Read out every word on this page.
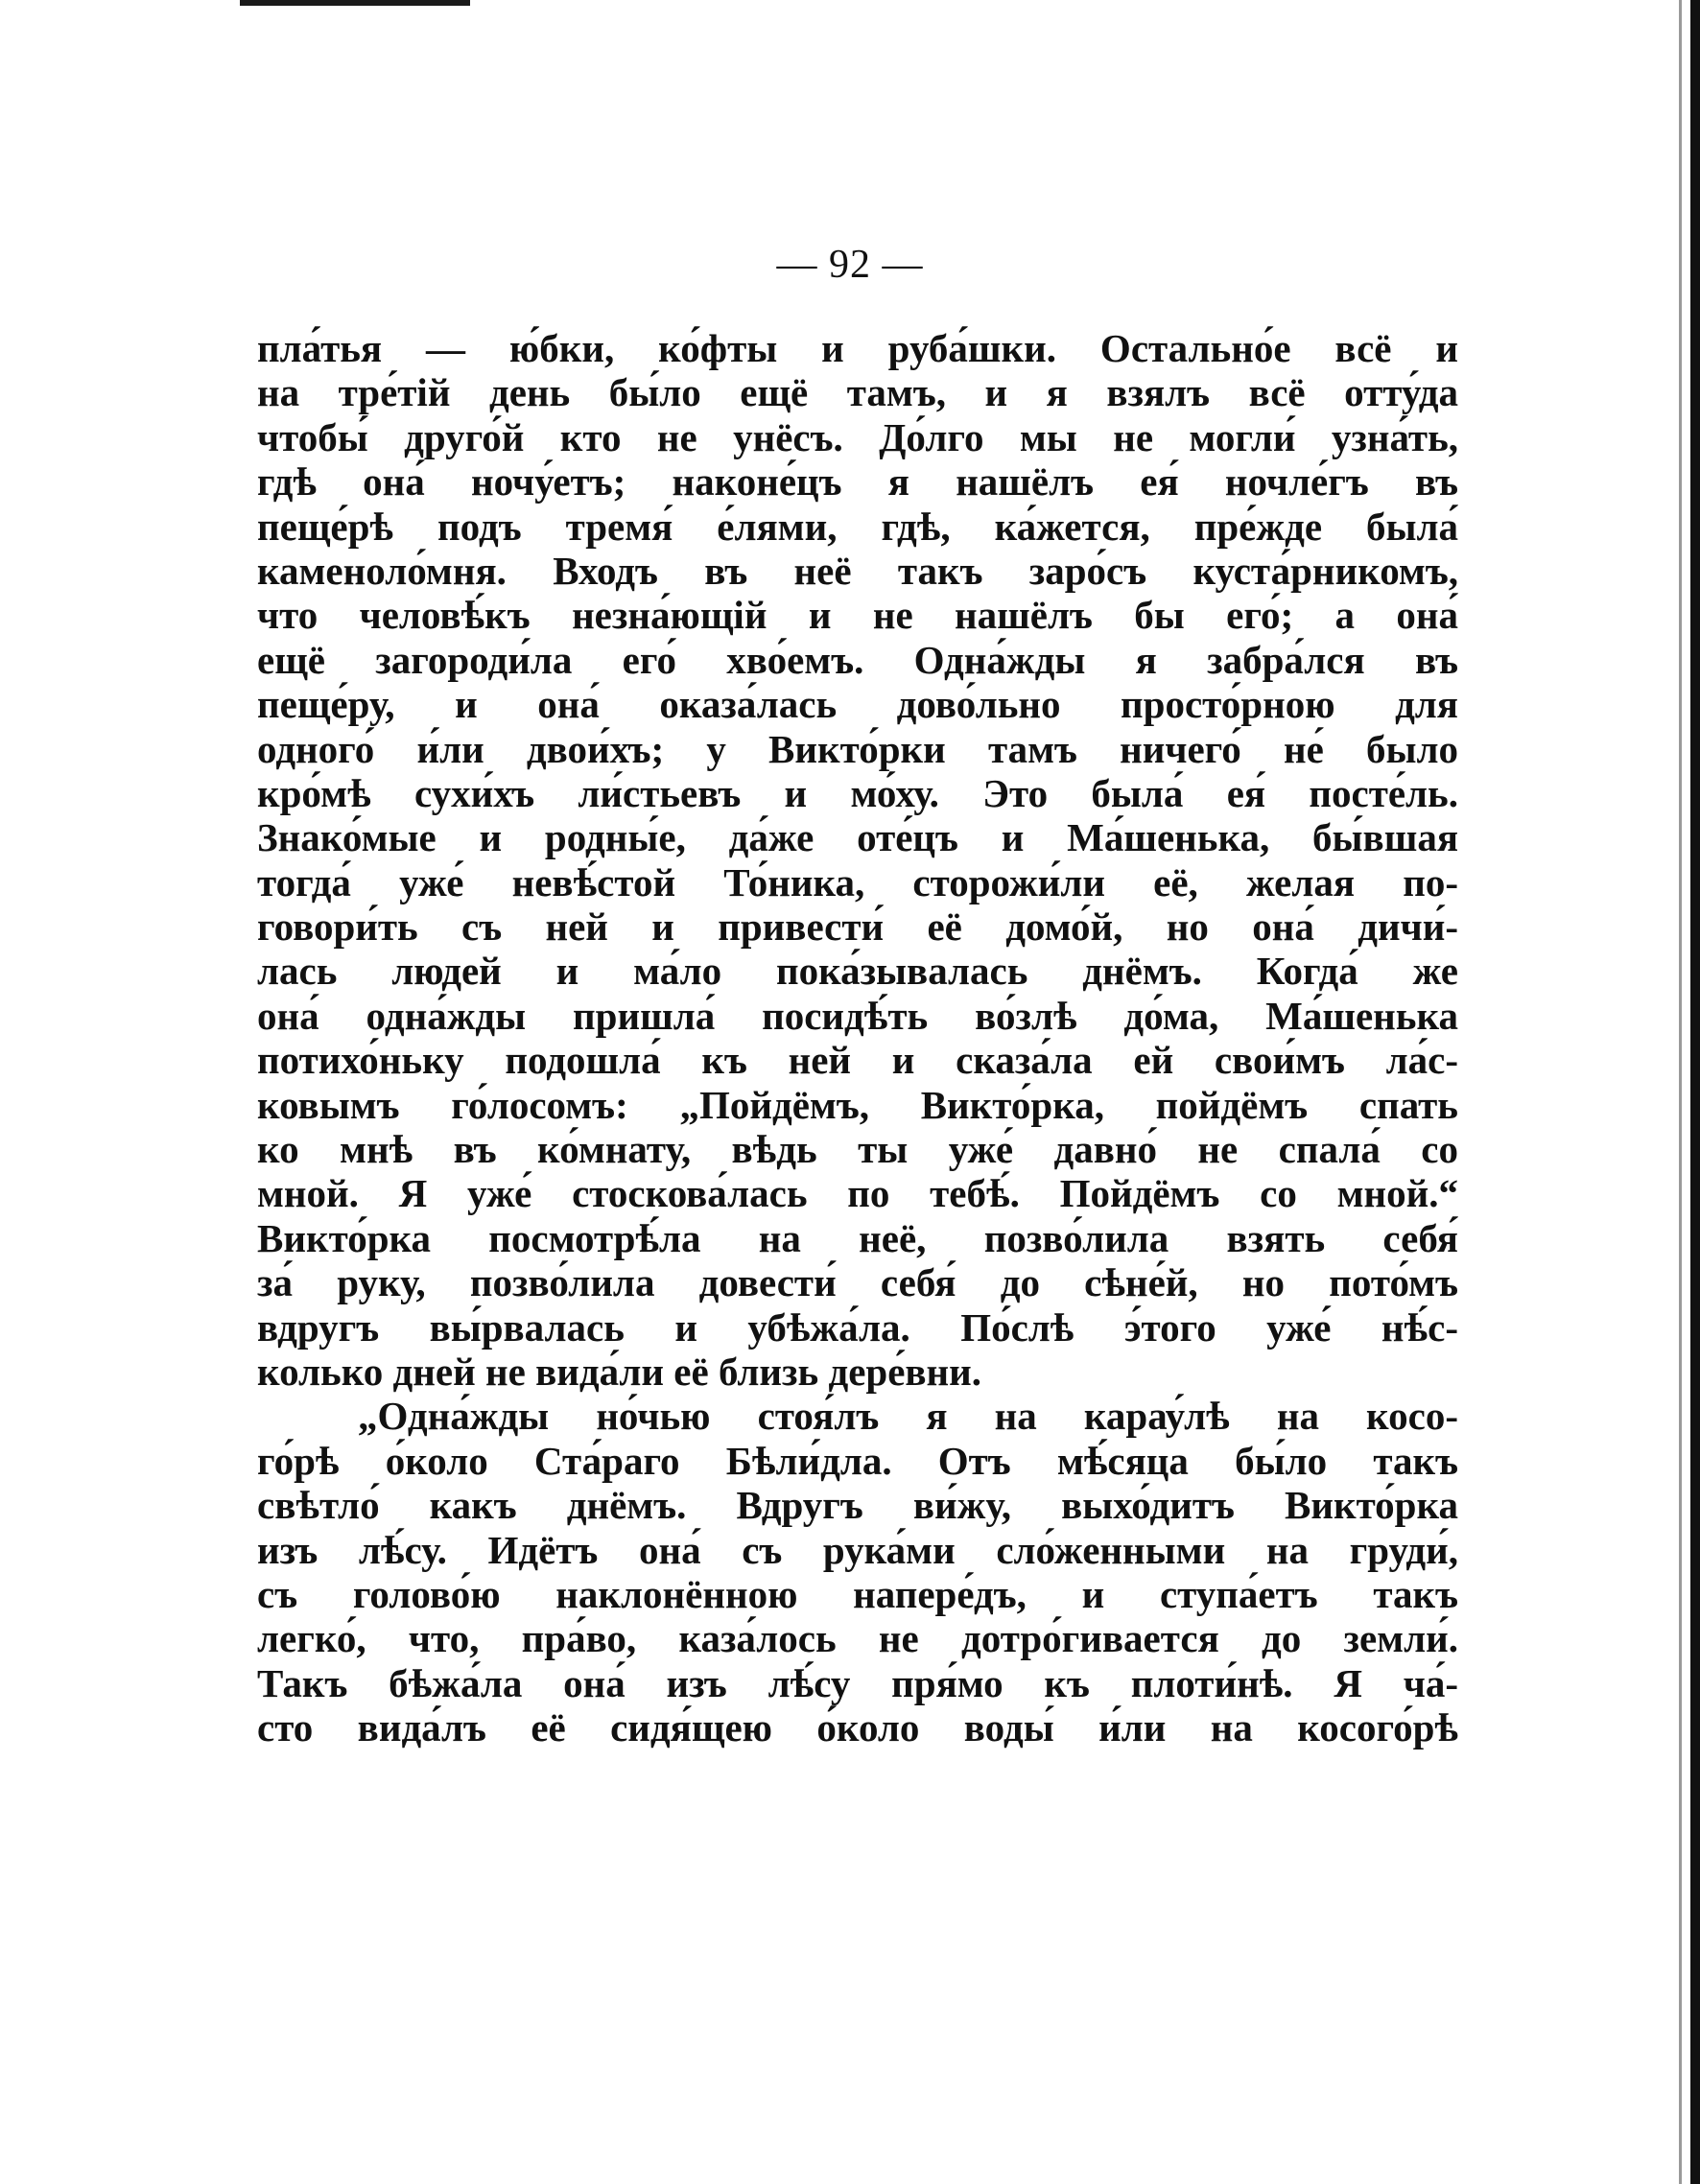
— 92 —
пла́тья — ю́бки, ко́фты и руба́шки. Остально́е всё и
на тре́тій день бы́ло ещё тамъ, и я взялъ всё отту́да
чтобы́ друго́й кто не унёсъ. До́лго мы не могли́ узна́ть,
гдѣ она́ ночу́етъ; наконе́цъ я нашёлъ ея́ ночле́гъ въ
пеще́рѣ подъ тремя́ е́лями, гдѣ, ка́жется, пре́жде была́
каменоло́мня. Входъ въ неё такъ заро́съ куста́рникомъ,
что человѣ́къ незна́ющій и не нашёлъ бы его́; а она́
ещё загороди́ла его́ хво́емъ. Одна́жды я забра́лся въ
пеще́ру, и она́ оказа́лась дово́льно просто́рною для
одного́ и́ли двои́хъ; у Викто́рки тамъ ничего́ не́ было
кро́мѣ сухи́хъ ли́стьевъ и мо́ху. Это была́ ея́ посте́ль.
Знако́мые и родны́е, да́же оте́цъ и Ма́шенька, бы́вшая
тогда́ уже́ невѣ́стой То́ника, сторожи́ли её, желая по-
говори́ть съ ней и привести́ её домо́й, но она́ дичи́-
лась людей и ма́ло пока́зывалась днёмъ. Когда́ же
она́ одна́жды пришла́ посидѣ́ть во́злѣ до́ма, Ма́шенька
потихо́ньку подошла́ къ ней и сказа́ла ей свои́мъ ла́с-
ковымъ го́лосомъ: „Пойдёмъ, Викто́рка, пойдёмъ спать
ко мнѣ въ ко́мнату, вѣдь ты уже́ давно́ не спала́ со
мной. Я уже́ стоскова́лась по тебѣ́. Пойдёмъ со мной.“
Викто́рка посмотрѣ́ла на неё, позво́лила взять себя́
за́ руку, позво́лила довести́ себя́ до сѣне́й, но пото́мъ
вдругъ вы́рвалась и убѣжа́ла. По́слѣ э́того уже́ нѣ́с-
колько дней не вида́ли её близь дере́вни.
„Одна́жды но́чью стоя́лъ я на карау́лѣ на косо-
го́рѣ о́коло Ста́раго Бѣли́дла. Отъ мѣ́сяца бы́ло такъ
свѣтло́ какъ днёмъ. Вдругъ ви́жу, выхо́дитъ Викто́рка
изъ лѣ́су. Идётъ она́ съ рука́ми сло́женными на груди́,
съ голово́ю наклонённою напере́дъ, и ступа́етъ такъ
легко́, что, пра́во, каза́лось не дотро́гивается до земли́.
Такъ бѣжа́ла она́ изъ лѣ́су пря́мо къ плоти́нѣ. Я ча́-
сто вида́лъ её сидя́щею о́коло воды́ и́ли на косого́рѣ
